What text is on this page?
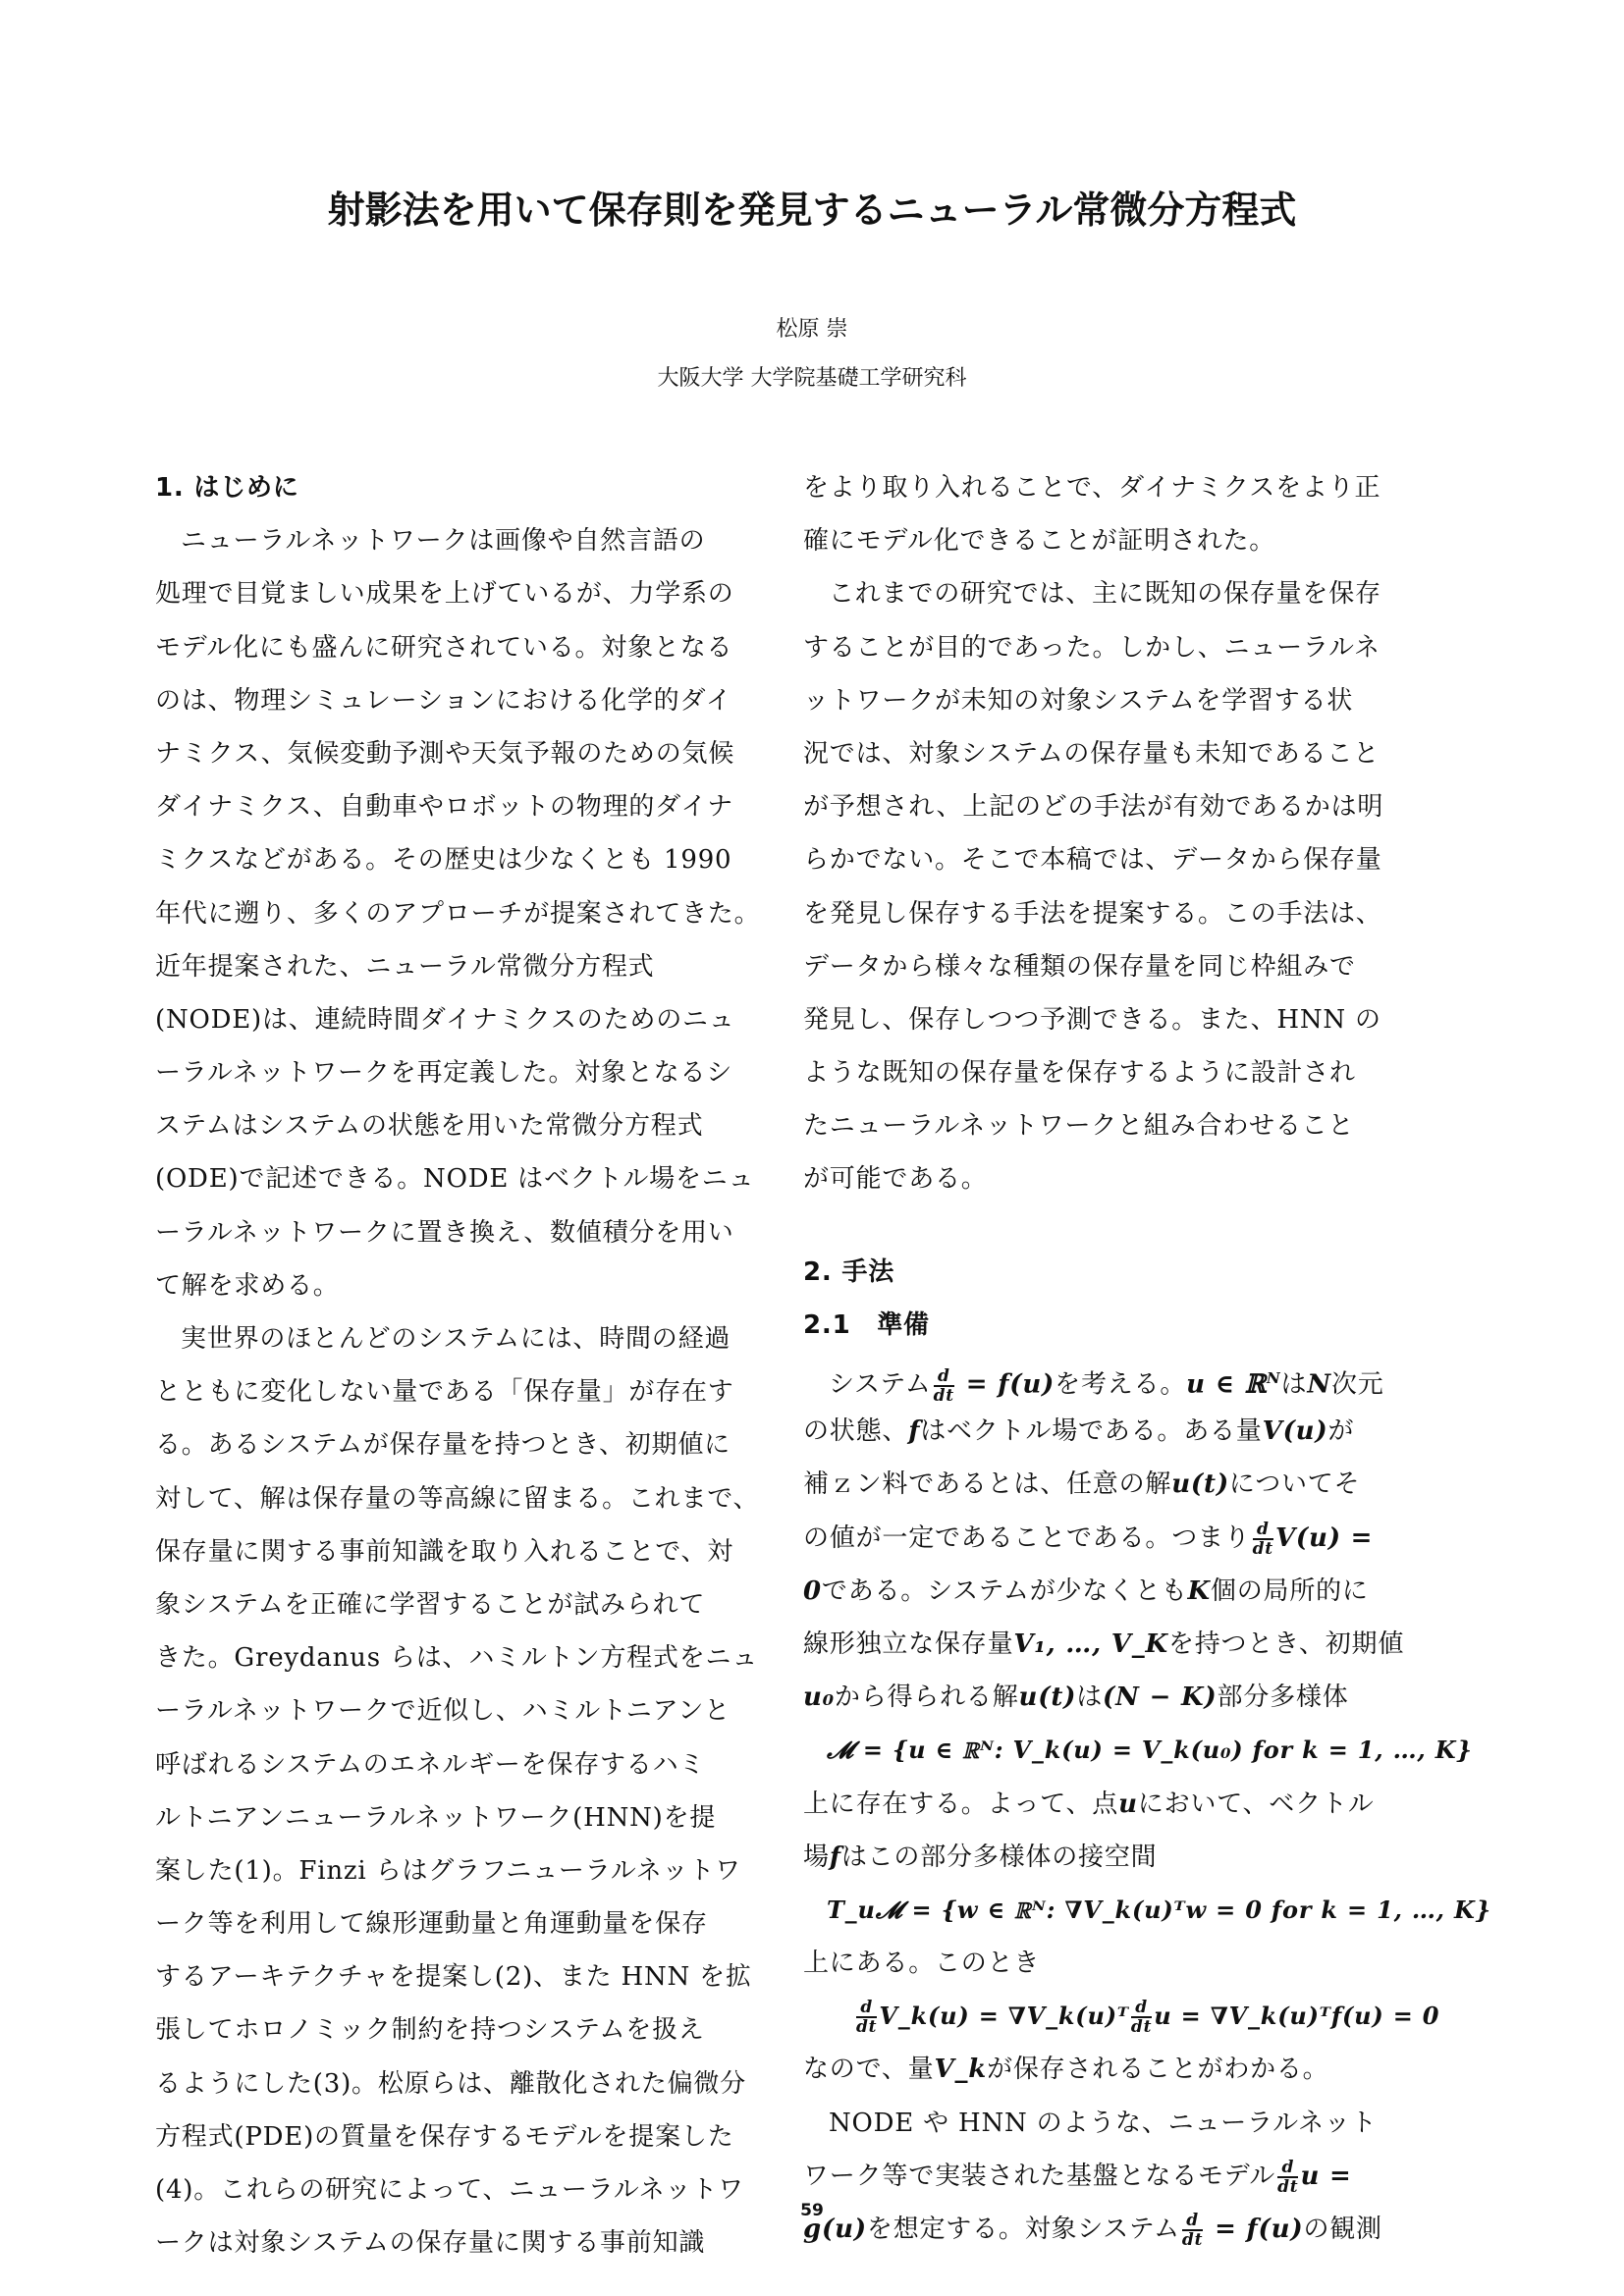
射影法を用いて保存則を発見するニューラル常微分方程式
松原 崇
大阪大学 大学院基礎工学研究科
1. はじめに
ニューラルネットワークは画像や自然言語の
処理で目覚ましい成果を上げているが、力学系の
モデル化にも盛んに研究されている。対象となる
のは、物理シミュレーションにおける化学的ダイ
ナミクス、気候変動予測や天気予報のための気候
ダイナミクス、自動車やロボットの物理的ダイナ
ミクスなどがある。その歴史は少なくとも 1990
年代に遡り、多くのアプローチが提案されてきた。
近年提案された、ニューラル常微分方程式
(NODE)は、連続時間ダイナミクスのためのニュ
ーラルネットワークを再定義した。対象となるシ
ステムはシステムの状態を用いた常微分方程式
(ODE)で記述できる。NODE はベクトル場をニュ
ーラルネットワークに置き換え、数値積分を用い
て解を求める。
実世界のほとんどのシステムには、時間の経過
とともに変化しない量である「保存量」が存在す
る。あるシステムが保存量を持つとき、初期値に
対して、解は保存量の等高線に留まる。これまで、
保存量に関する事前知識を取り入れることで、対
象システムを正確に学習することが試みられて
きた。Greydanus らは、ハミルトン方程式をニュ
ーラルネットワークで近似し、ハミルトニアンと
呼ばれるシステムのエネルギーを保存するハミ
ルトニアンニューラルネットワーク(HNN)を提
案した(1)。Finzi らはグラフニューラルネットワ
ーク等を利用して線形運動量と角運動量を保存
するアーキテクチャを提案し(2)、また HNN を拡
張してホロノミック制約を持つシステムを扱え
るようにした(3)。松原らは、離散化された偏微分
方程式(PDE)の質量を保存するモデルを提案した
(4)。これらの研究によって、ニューラルネットワ
ークは対象システムの保存量に関する事前知識
をより取り入れることで、ダイナミクスをより正
確にモデル化できることが証明された。
これまでの研究では、主に既知の保存量を保存
することが目的であった。しかし、ニューラルネ
ットワークが未知の対象システムを学習する状
況では、対象システムの保存量も未知であること
が予想され、上記のどの手法が有効であるかは明
らかでない。そこで本稿では、データから保存量
を発見し保存する手法を提案する。この手法は、
データから様々な種類の保存量を同じ枠組みで
発見し、保存しつつ予測できる。また、HNN の
ような既知の保存量を保存するように設計され
たニューラルネットワークと組み合わせること
が可能である。
2. 手法
2.1　準備
システム $\frac{d}{dt} = f(u)$を考える。u ∈ ℝ$^N$はN次元
の状態、fはベクトル場である。ある量V(u)が
補ｚン料であるとは、任意の解u(t)についてそ
の値が一定であることである。つまり $\frac{d}{dt} V(u)$ =
0である。システムが少なくともK個の局所的に
線形独立な保存量V₁, …, V_Kを持つとき、初期値
u₀から得られる解u(t)は(N − K)部分多様体
𝓜 = {u ∈ ℝᴺ: V_k(u) = V_k(u₀) for k = 1, …, K}
上に存在する。よって、点uにおいて、ベクトル
場fはこの部分多様体の接空間
T_u𝓜 = {w ∈ ℝᴺ: ∇V_k(u)ᵀw = 0 for k = 1, …, K}
上にある。このとき
$\frac{d}{dt}$ V_k(u) = ∇V_k(u)ᵀ $\frac{d}{dt}$ u = ∇V_k(u)ᵀf(u) = 0
なので、量V_kが保存されることがわかる。
NODE や HNN のような、ニューラルネット
ワーク等で実装された基盤となるモデル $\frac{d}{dt}$ u =
g(u)を想定する。対象システム $\frac{d}{dt} = f(u)$の観測
59
